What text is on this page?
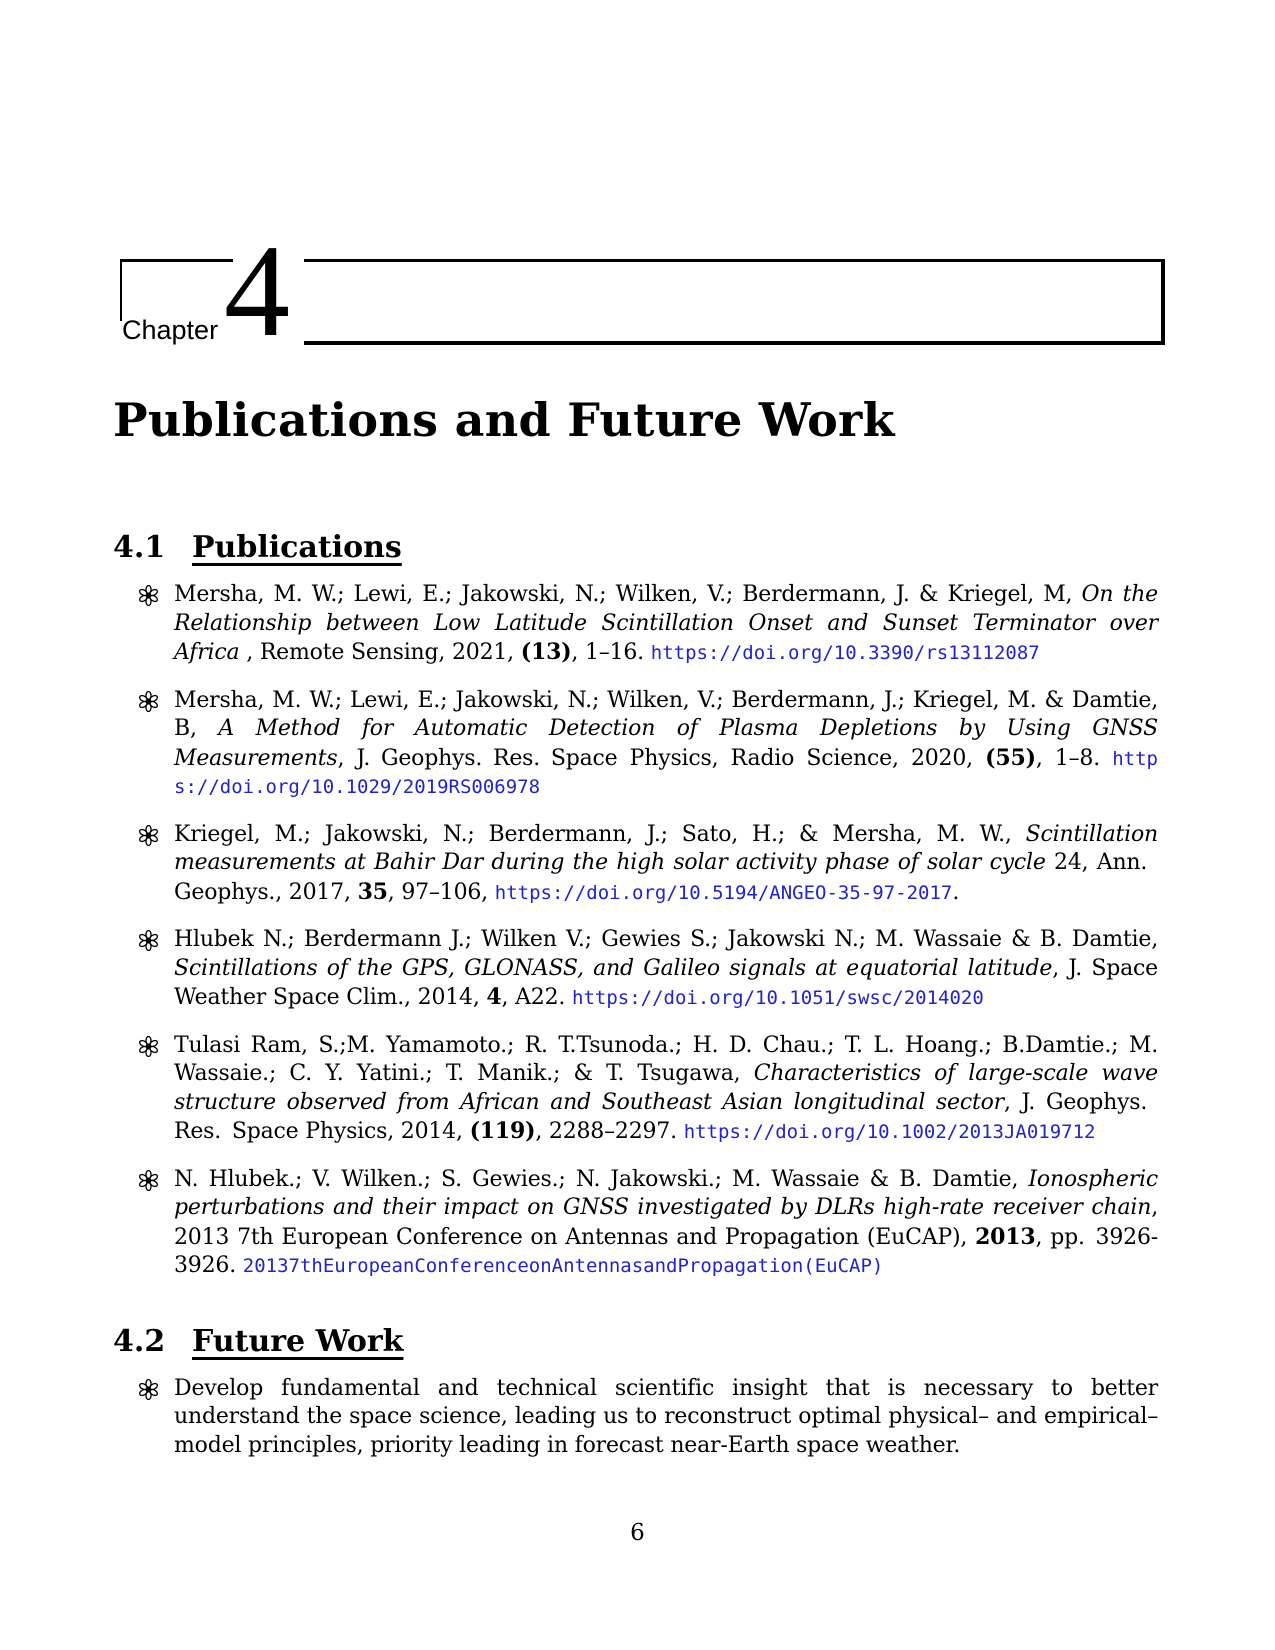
Chapter 4
Publications and Future Work
4.1 Publications
Mersha, M. W.; Lewi, E.; Jakowski, N.; Wilken, V.; Berdermann, J. & Kriegel, M, On the Relationship between Low Latitude Scintillation Onset and Sunset Terminator over Africa , Remote Sensing, 2021, (13), 1–16. https://doi.org/10.3390/rs13112087
Mersha, M. W.; Lewi, E.; Jakowski, N.; Wilken, V.; Berdermann, J.; Kriegel, M. & Damtie, B, A Method for Automatic Detection of Plasma Depletions by Using GNSS Measurements, J. Geophys. Res. Space Physics, Radio Science, 2020, (55), 1–8. https://doi.org/10.1029/2019RS006978
Kriegel, M.; Jakowski, N.; Berdermann, J.; Sato, H.; & Mersha, M. W., Scintillation measurements at Bahir Dar during the high solar activity phase of solar cycle 24, Ann. Geophys., 2017, 35, 97–106, https://doi.org/10.5194/ANGEO-35-97-2017.
Hlubek N.; Berdermann J.; Wilken V.; Gewies S.; Jakowski N.; M. Wassaie & B. Damtie, Scintillations of the GPS, GLONASS, and Galileo signals at equatorial latitude, J. Space Weather Space Clim., 2014, 4, A22. https://doi.org/10.1051/swsc/2014020
Tulasi Ram, S.;M. Yamamoto.; R. T.Tsunoda.; H. D. Chau.; T. L. Hoang.; B.Damtie.; M. Wassaie.; C. Y. Yatini.; T. Manik.; & T. Tsugawa, Characteristics of large-scale wave structure observed from African and Southeast Asian longitudinal sector, J. Geophys. Res. Space Physics, 2014, (119), 2288–2297. https://doi.org/10.1002/2013JA019712
N. Hlubek.; V. Wilken.; S. Gewies.; N. Jakowski.; M. Wassaie & B. Damtie, Ionospheric perturbations and their impact on GNSS investigated by DLRs high-rate receiver chain, 2013 7th European Conference on Antennas and Propagation (EuCAP), 2013, pp. 3926-3926. 20137thEuropeanConferenceonAntennasandPropagation(EuCAP)
4.2 Future Work
Develop fundamental and technical scientific insight that is necessary to better understand the space science, leading us to reconstruct optimal physical– and empirical–model principles, priority leading in forecast near-Earth space weather.
6
